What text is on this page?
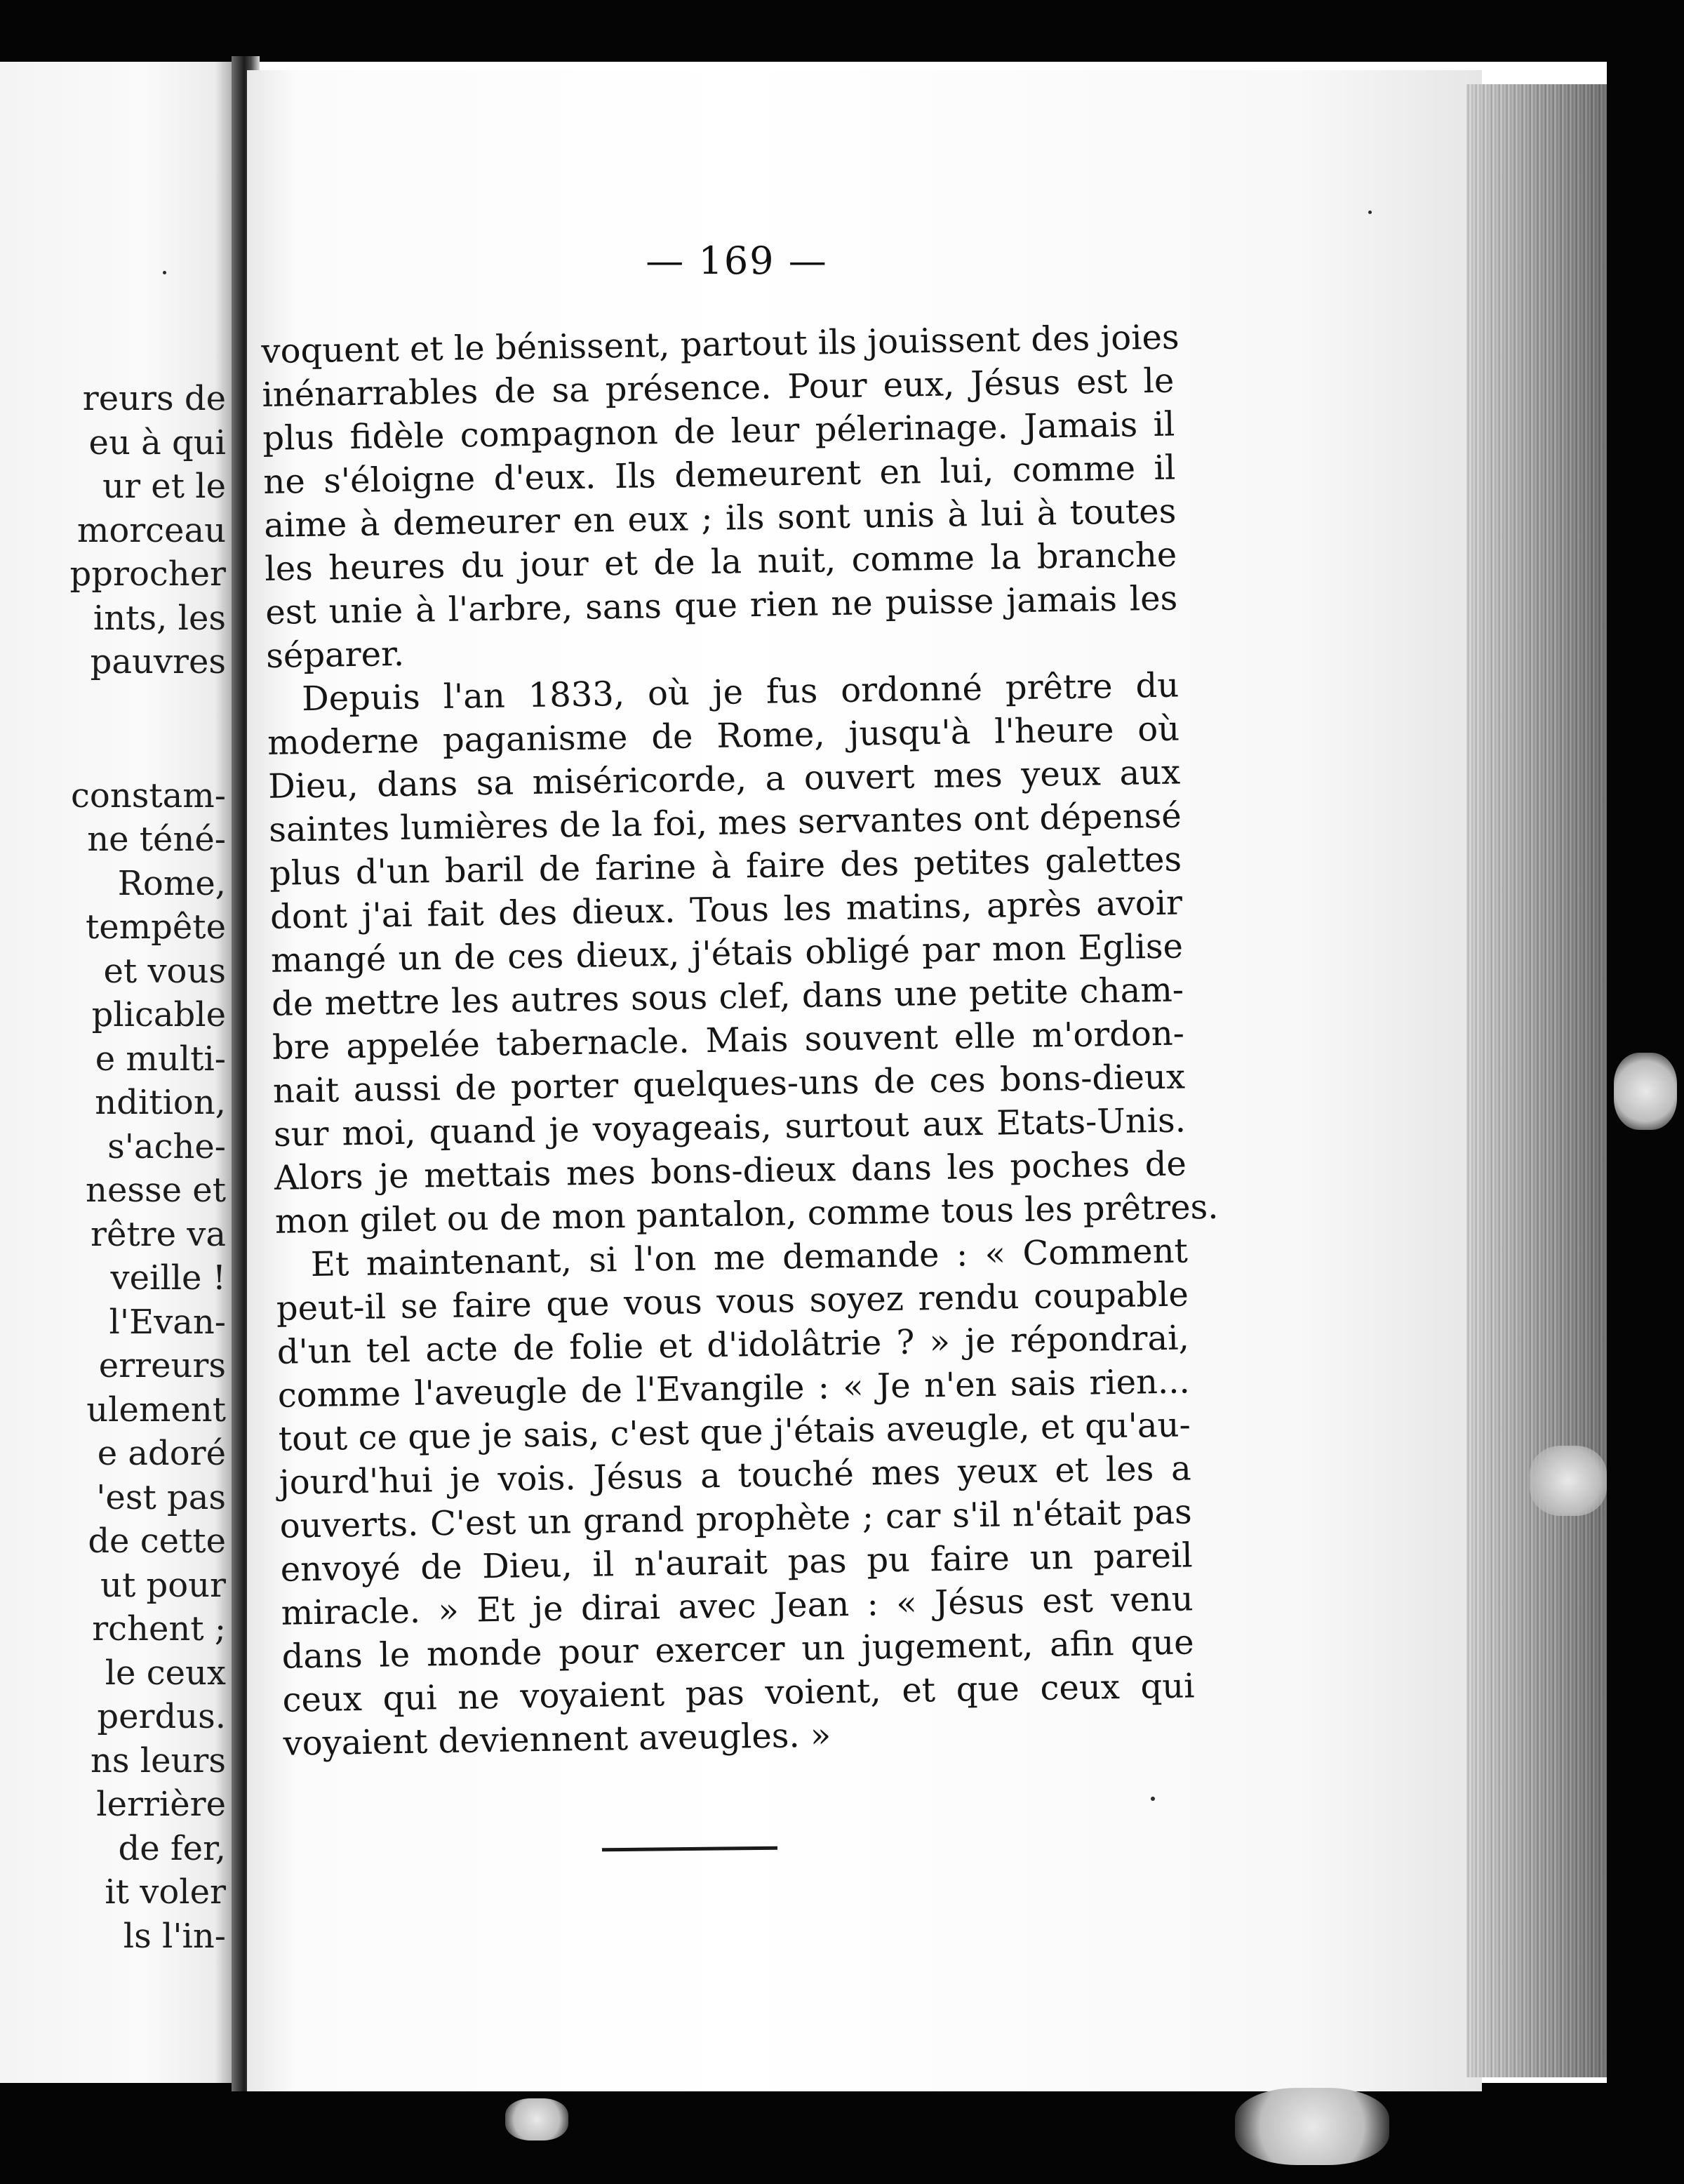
reurs de
eu à qui
ur et le
morceau
pprocher
ints, les
pauvres
constam-
ne téné-
Rome,
tempête
et vous
plicable
e multi-
ndition,
s'ache-
nesse et
rêtre va
veille !
l'Evan-
erreurs
ulement
e adoré
'est pas
de cette
ut pour
rchent ;
le ceux
perdus.
ns leurs
lerrière
de fer,
it voler
ls l'in-
— 169 —
voquent et le bénissent, partout ils jouissent des joies
inénarrables de sa présence. Pour eux, Jésus est le
plus fidèle compagnon de leur pélerinage. Jamais il
ne s'éloigne d'eux. Ils demeurent en lui, comme il
aime à demeurer en eux ; ils sont unis à lui à toutes
les heures du jour et de la nuit, comme la branche
est unie à l'arbre, sans que rien ne puisse jamais les
séparer.
Depuis l'an 1833, où je fus ordonné prêtre du
moderne paganisme de Rome, jusqu'à l'heure où
Dieu, dans sa miséricorde, a ouvert mes yeux aux
saintes lumières de la foi, mes servantes ont dépensé
plus d'un baril de farine à faire des petites galettes
dont j'ai fait des dieux. Tous les matins, après avoir
mangé un de ces dieux, j'étais obligé par mon Eglise
de mettre les autres sous clef, dans une petite cham-
bre appelée tabernacle. Mais souvent elle m'ordon-
nait aussi de porter quelques-uns de ces bons-dieux
sur moi, quand je voyageais, surtout aux Etats-Unis.
Alors je mettais mes bons-dieux dans les poches de
mon gilet ou de mon pantalon, comme tous les prêtres.
Et maintenant, si l'on me demande : « Comment
peut-il se faire que vous vous soyez rendu coupable
d'un tel acte de folie et d'idolâtrie ? » je répondrai,
comme l'aveugle de l'Evangile : « Je n'en sais rien...
tout ce que je sais, c'est que j'étais aveugle, et qu'au-
jourd'hui je vois. Jésus a touché mes yeux et les a
ouverts. C'est un grand prophète ; car s'il n'était pas
envoyé de Dieu, il n'aurait pas pu faire un pareil
miracle. » Et je dirai avec Jean : « Jésus est venu
dans le monde pour exercer un jugement, afin que
ceux qui ne voyaient pas voient, et que ceux qui
voyaient deviennent aveugles. »
